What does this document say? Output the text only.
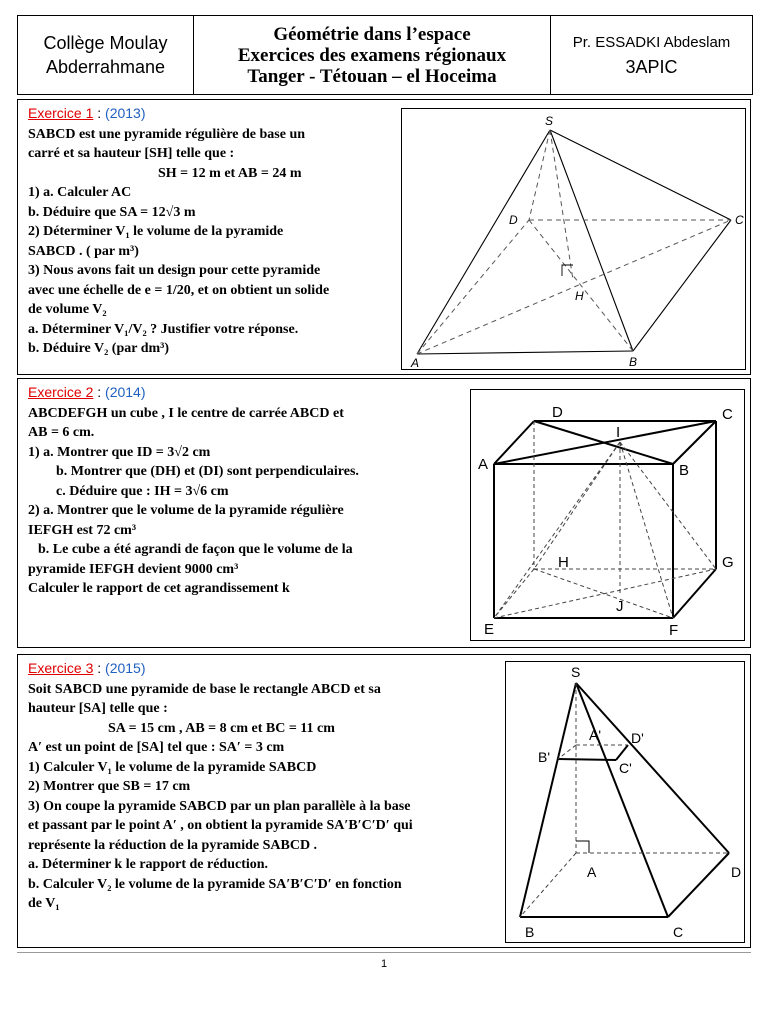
Collège Moulay
Abderrahmane
Géométrie dans l’espace
Exercices des examens régionaux
Tanger - Tétouan – el Hoceima
Pr. ESSADKI Abdeslam
3APIC
Exercice 1 : (2013)
SABCD est une pyramide régulière de base un
carré et sa hauteur [SH] telle que :
SH = 12 m et AB = 24 m
1) a. Calculer AC
b. Déduire que SA = 12√3 m
2) Déterminer V₁ le volume de la pyramide
SABCD . ( par m³)
3) Nous avons fait un design pour cette pyramide
avec une échelle de e = 1/20, et on obtient un solide
de volume V₂
a. Déterminer V₁/V₂ ? Justifier votre réponse.
b. Déduire V₂ (par dm³)
S
D	C
H
A	B
Exercice 2 : (2014)
ABCDEFGH un cube , I le centre de carrée ABCD et
AB = 6 cm.
1) a. Montrer que ID = 3√2 cm
b. Montrer que (DH) et (DI) sont perpendiculaires.
c. Déduire que : IH = 3√6 cm
2) a. Montrer que le volume de la pyramide régulière
IEFGH est 72 cm³
b. Le cube a été agrandi de façon que le volume de la
pyramide IEFGH devient 9000 cm³
Calculer le rapport de cet agrandissement k
D	C
I
A	B
H	G
J
E	F
Exercice 3 : (2015)
Soit SABCD une pyramide de base le rectangle ABCD et sa
hauteur [SA] telle que :
SA = 15 cm , AB = 8 cm et BC = 11 cm
A′ est un point de [SA] tel que : SA′ = 3 cm
1) Calculer V₁ le volume de la pyramide SABCD
2) Montrer que SB = 17 cm
3) On coupe la pyramide SABCD par un plan parallèle à la base
et passant par le point A′ , on obtient la pyramide SA′B′C′D′ qui
représente la réduction de la pyramide SABCD .
a. Déterminer k le rapport de réduction.
b. Calculer V₂ le volume de la pyramide SA′B′C′D′ en fonction
de V₁
S
A' D'
B'
C'
A	D
B	C
1
